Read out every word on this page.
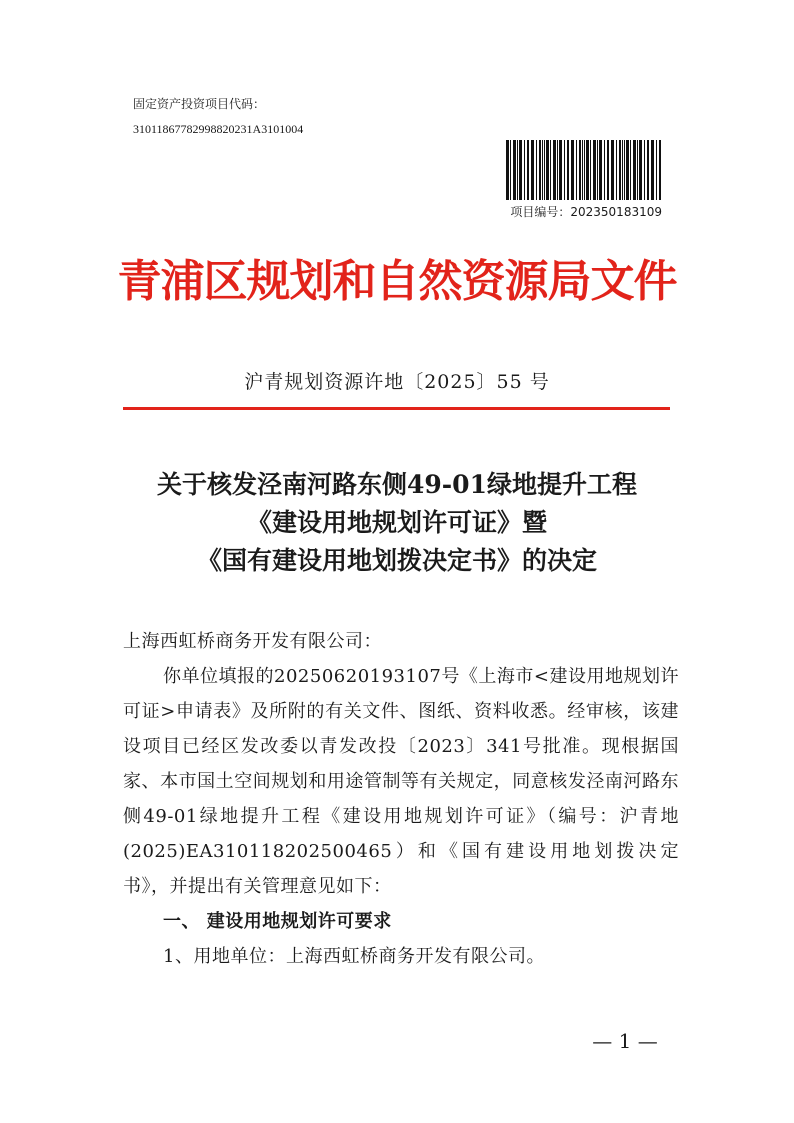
固定资产投资项目代码：
31011867782998820231A3101004
项目编号：202350183109
青浦区规划和自然资源局文件
沪青规划资源许地〔2025〕55 号
关于核发泾南河路东侧49-01绿地提升工程
《建设用地规划许可证》暨
《国有建设用地划拨决定书》的决定

上海西虹桥商务开发有限公司：

你单位填报的20250620193107号《上海市<建设用地规划许可证>申请表》及所附的有关文件、图纸、资料收悉。经审核，该建设项目已经区发改委以青发改投〔2023〕341号批准。现根据国家、本市国土空间规划和用途管制等有关规定，同意核发泾南河路东侧49-01绿地提升工程《建设用地规划许可证》（编号：沪青地(2025)EA310118202500465）和《国有建设用地划拨决定书》，并提出有关管理意见如下：

一、 建设用地规划许可要求

1、用地单位：上海西虹桥商务开发有限公司。

— 1 —
